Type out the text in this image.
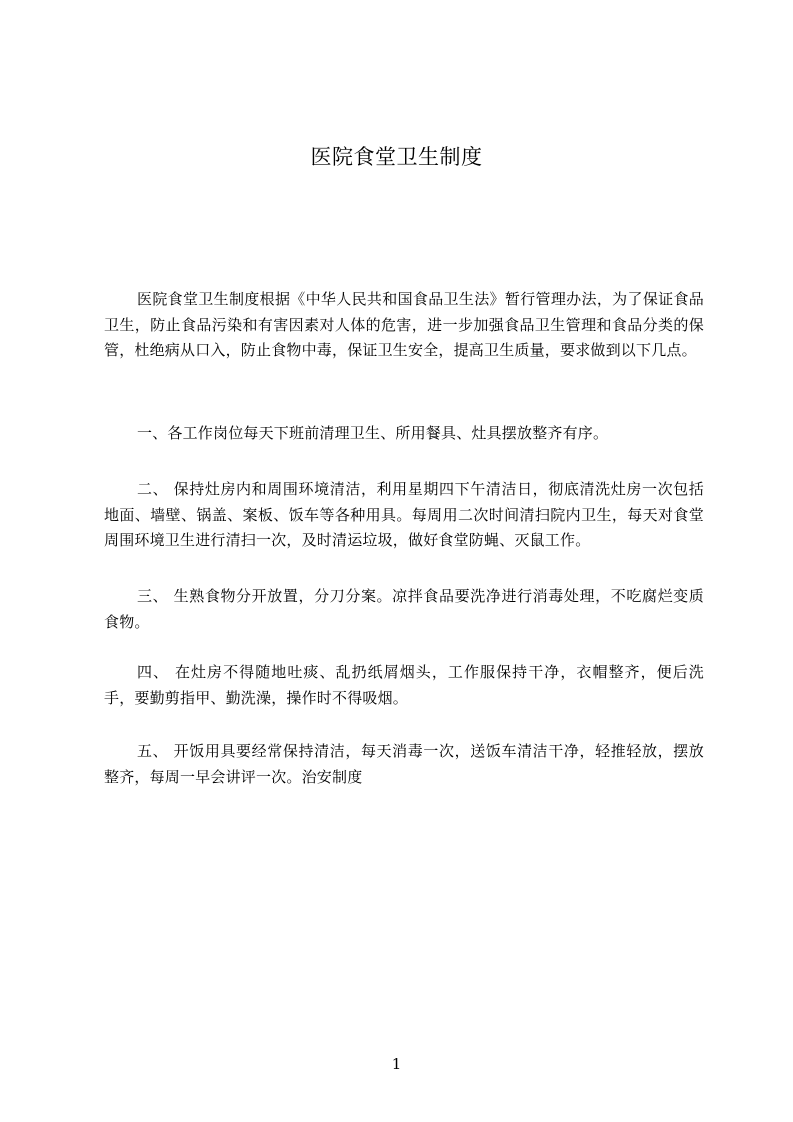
医院食堂卫生制度

医院食堂卫生制度根据《中华人民共和国食品卫生法》暂行管理办法，为了保证食品卫生，防止食品污染和有害因素对人体的危害，进一步加强食品卫生管理和食品分类的保管，杜绝病从口入，防止食物中毒，保证卫生安全，提高卫生质量，要求做到以下几点。

一、各工作岗位每天下班前清理卫生、所用餐具、灶具摆放整齐有序。

二、 保持灶房内和周围环境清洁，利用星期四下午清洁日，彻底清洗灶房一次包括地面、墙壁、锅盖、案板、饭车等各种用具。每周用二次时间清扫院内卫生，每天对食堂周围环境卫生进行清扫一次，及时清运垃圾，做好食堂防蝇、灭鼠工作。

三、 生熟食物分开放置，分刀分案。凉拌食品要洗净进行消毒处理，不吃腐烂变质食物。

四、 在灶房不得随地吐痰、乱扔纸屑烟头，工作服保持干净，衣帽整齐，便后洗手，要勤剪指甲、勤洗澡，操作时不得吸烟。

五、 开饭用具要经常保持清洁，每天消毒一次，送饭车清洁干净，轻推轻放，摆放整齐，每周一早会讲评一次。治安制度

1
